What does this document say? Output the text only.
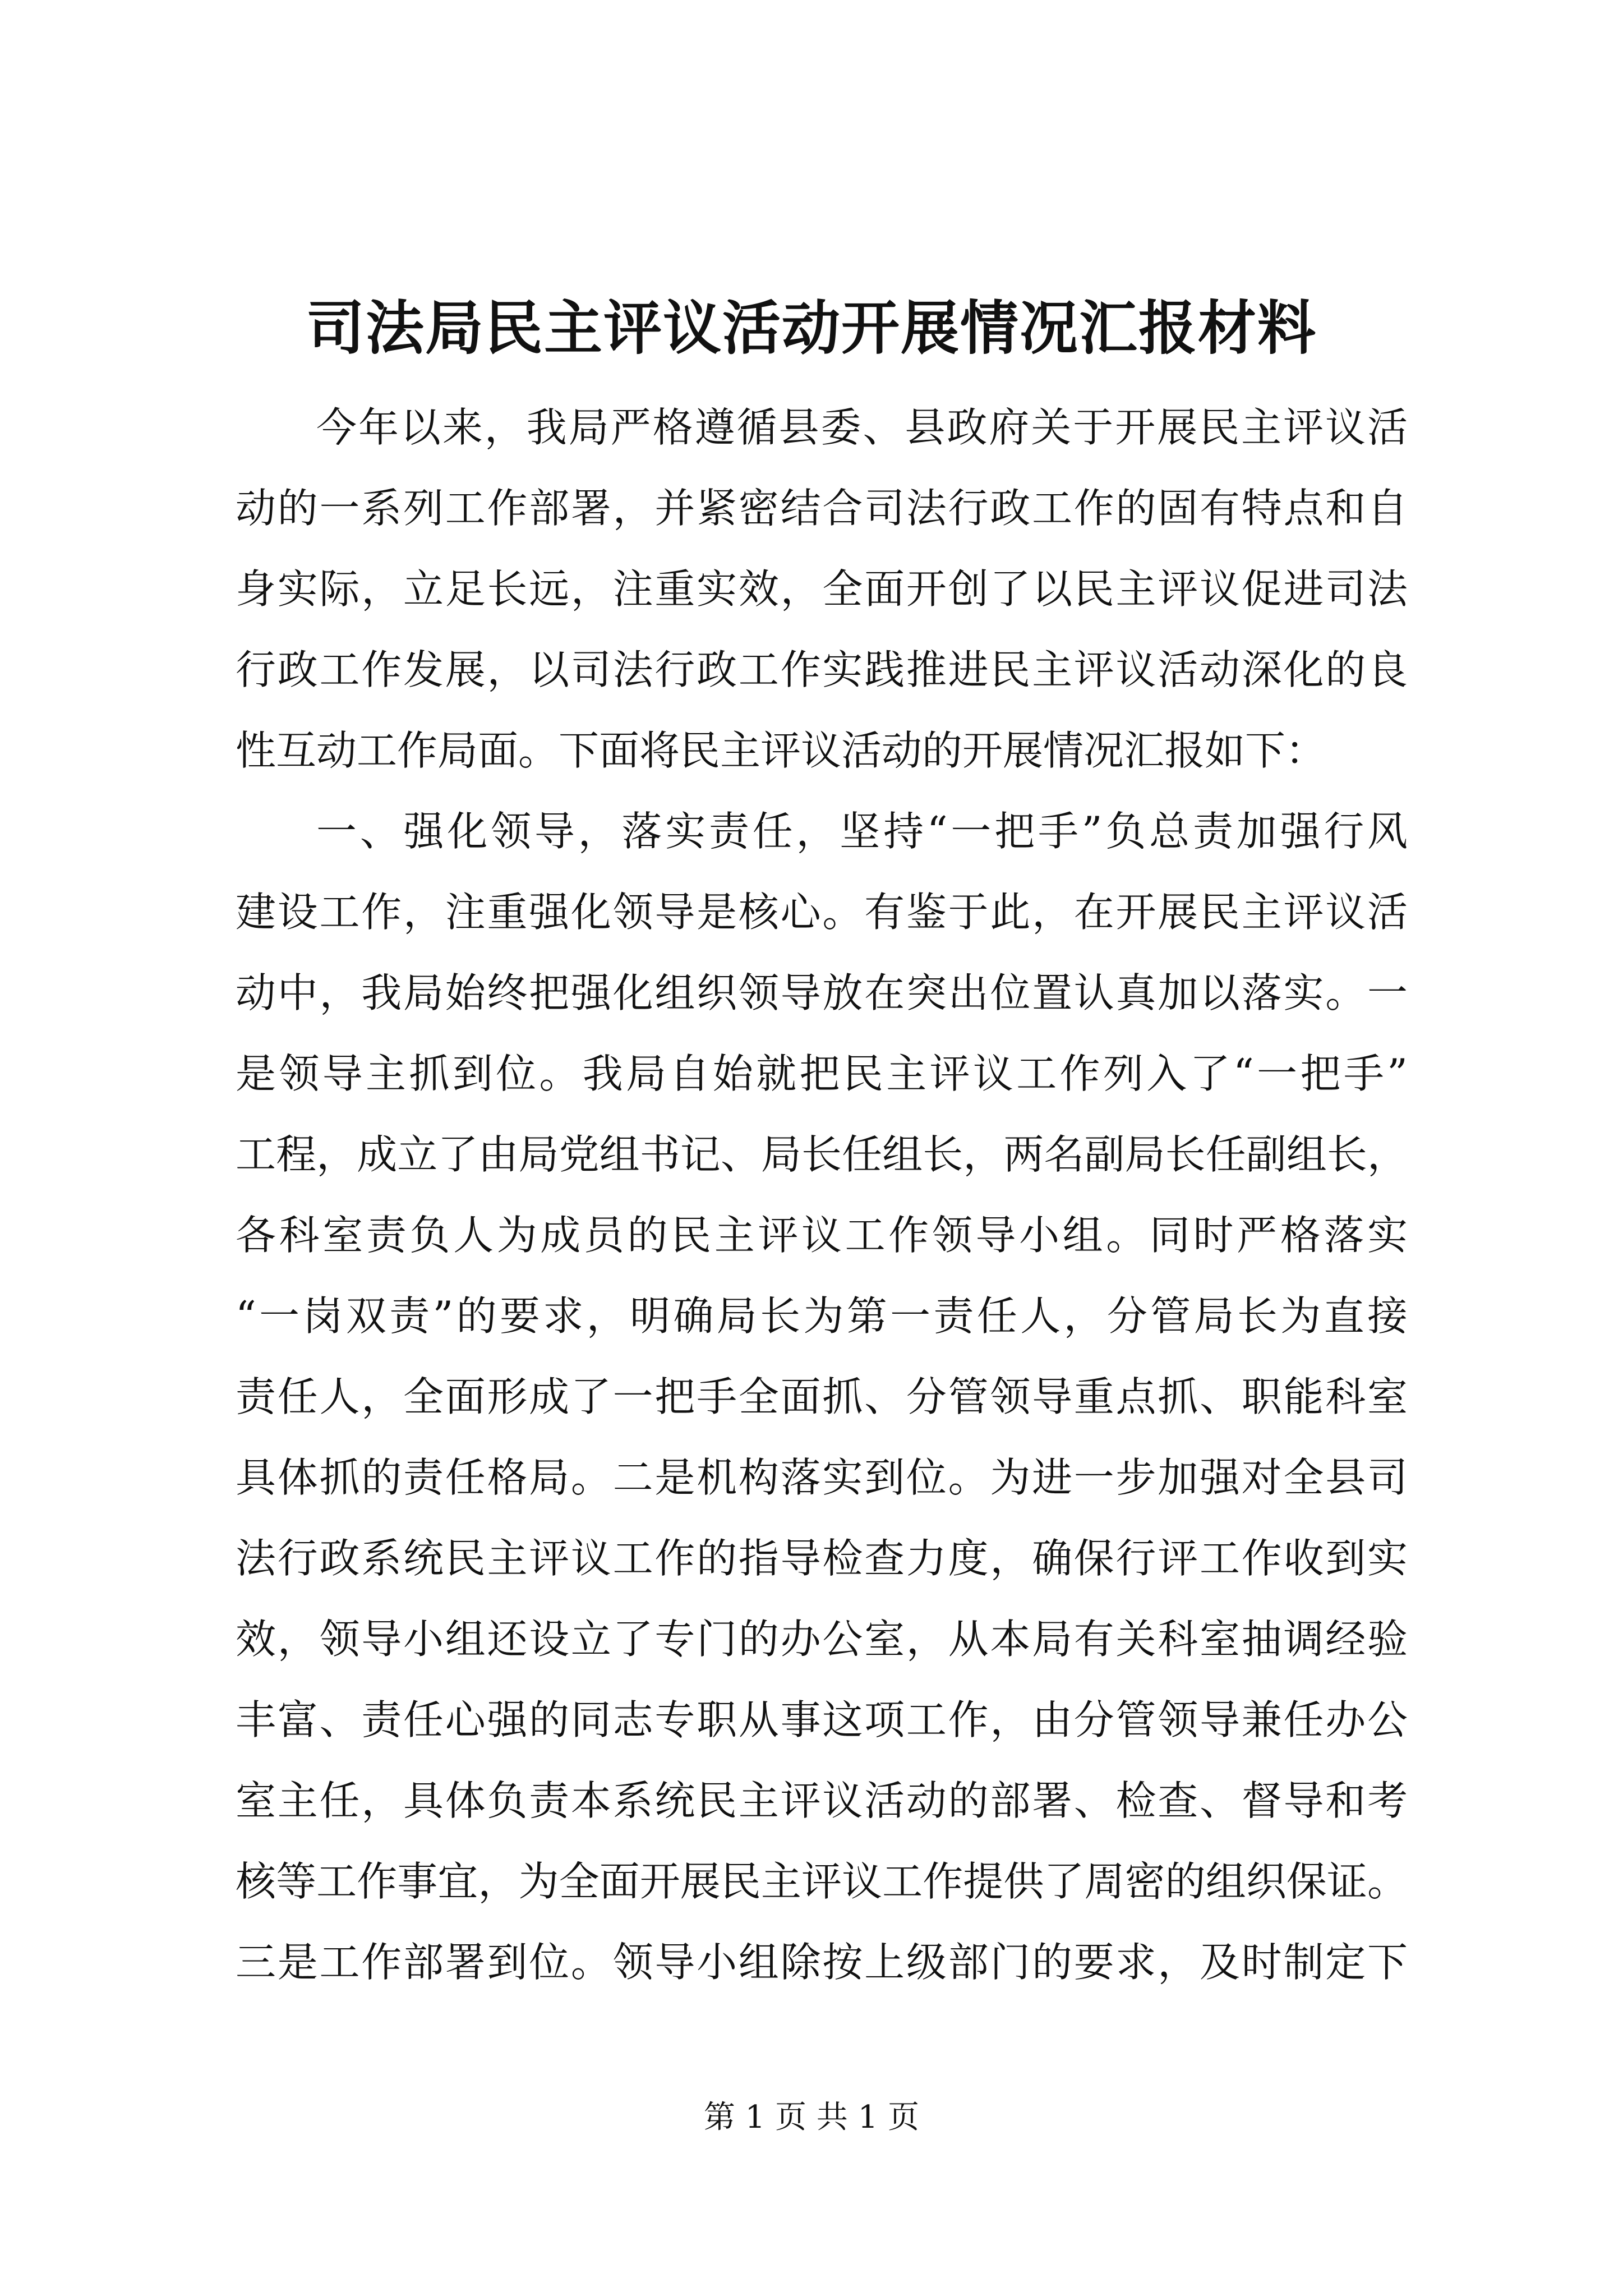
司法局民主评议活动开展情况汇报材料
今年以来，我局严格遵循县委、县政府关于开展民主评议活
动的一系列工作部署，并紧密结合司法行政工作的固有特点和自
身实际，立足长远，注重实效，全面开创了以民主评议促进司法
行政工作发展，以司法行政工作实践推进民主评议活动深化的良
性互动工作局面。下面将民主评议活动的开展情况汇报如下：
一、强化领导，落实责任，坚持“一把手”负总责加强行风
建设工作，注重强化领导是核心。有鉴于此，在开展民主评议活
动中，我局始终把强化组织领导放在突出位置认真加以落实。一
是领导主抓到位。我局自始就把民主评议工作列入了“一把手”
工程，成立了由局党组书记、局长任组长，两名副局长任副组长，
各科室责负人为成员的民主评议工作领导小组。同时严格落实
“一岗双责”的要求，明确局长为第一责任人，分管局长为直接
责任人，全面形成了一把手全面抓、分管领导重点抓、职能科室
具体抓的责任格局。二是机构落实到位。为进一步加强对全县司
法行政系统民主评议工作的指导检查力度，确保行评工作收到实
效，领导小组还设立了专门的办公室，从本局有关科室抽调经验
丰富、责任心强的同志专职从事这项工作，由分管领导兼任办公
室主任，具体负责本系统民主评议活动的部署、检查、督导和考
核等工作事宜，为全面开展民主评议工作提供了周密的组织保证。
三是工作部署到位。领导小组除按上级部门的要求，及时制定下
第 1 页 共 1 页
